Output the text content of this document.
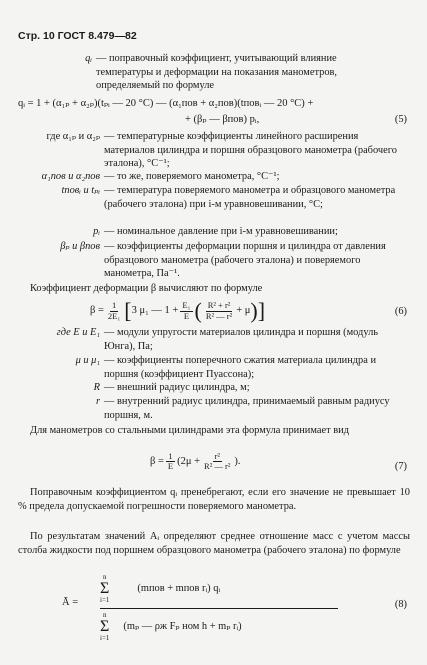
Стр. 10 ГОСТ 8.479—82
qᵢ — поправочный коэффициент, учитывающий влияние температуры и деформации на показания манометров, определяемый по формуле
qᵢ = 1 + (α₁ₚ + α₂ₚ)(tₚᵢ — 20 °C) — (α₁пов + α₂пов)(tповᵢ — 20 °C) +
+ (βₚ — βпов) pᵢ,	(5)
где α₁ₚ и α₂ₚ — температурные коэффициенты линейного расширения материалов цилиндра и поршня образцового манометра (рабочего эталона), °C⁻¹;
α₁пов и α₂пов — то же, поверяемого манометра, °C⁻¹;
tповᵢ и tₚᵢ — температура поверяемого манометра и образцового манометра (рабочего эталона) при i-м уравновешивании, °C;
pᵢ — номинальное давление при i-м уравновешивании;
βₚ и βпов — коэффициенты деформации поршня и цилиндра от давления образцового манометра (рабочего эталона) и поверяемого манометра, Па⁻¹.
Коэффициент деформации β вычисляют по формуле
$\beta = \frac{1}{\text{2E₁}}$ [ 3 μ₁ — $1 + \frac{\text{E₁}}{E}$ ( $\frac{\text{R² + r²}}{\text{R² — r²}} + \mu$ )]	(6)
где E и E₁ — модули упругости материалов цилиндра и поршня (модуль Юнга), Па;
μ и μ₁ — коэффициенты поперечного сжатия материала цилиндра и поршня (коэффициент Пуассона);
R — внешний радиус цилиндра, м;
r — внутренний радиус цилиндра, принимаемый равным радиусу поршня, м.
Для манометров со стальными цилиндрами эта формула принимает вид
$\beta = \frac{1}{E} (2\mu + \frac{\text{r²}}{\text{R² — r²}}$ ).	(7)
Поправочным коэффициентом qᵢ пренебрегают, если его значение не превышает 10 % предела допускаемой погрешности поверяемого манометра.
По результатам значений Aᵢ определяют среднее отношение масс с учетом массы столба жидкости под поршнем образцового манометра (рабочего эталона) по формуле
Ā =
n
Σ
i=1
(mпов + mпов rᵢ) qᵢ
n
Σ
i=1
(mₚ — ρж Fₚ ном h + mₚ rᵢ)
(8)
